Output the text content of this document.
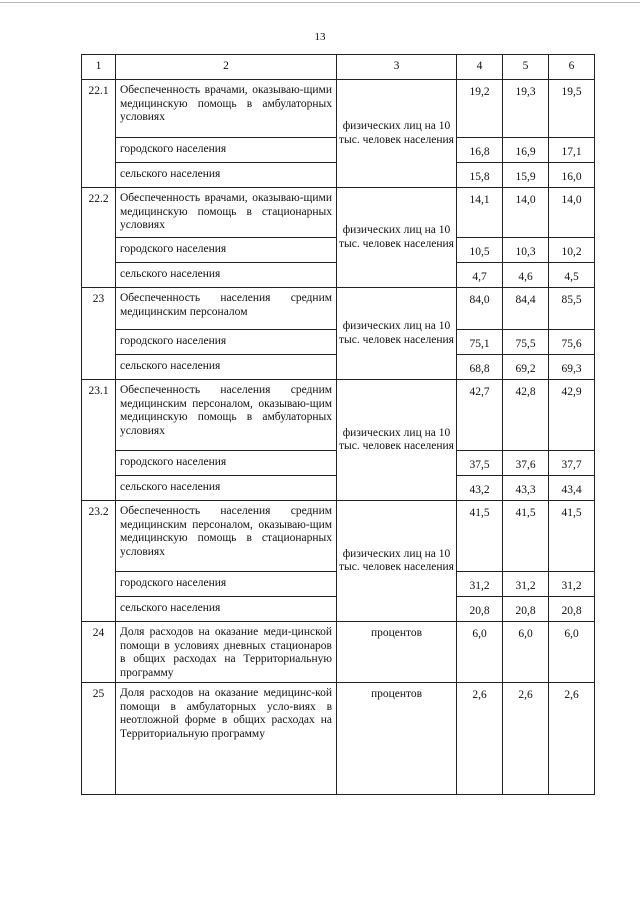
13
1	2	3	4	5	6
22.1	Обеспеченность врачами, оказываю-щими медицинскую помощь в амбулаторных условиях	физических лиц на 10 тыс. человек населения	19,2	19,3	19,5
	городского населения		16,8	16,9	17,1
	сельского населения		15,8	15,9	16,0
22.2	Обеспеченность врачами, оказываю-щими медицинскую помощь в стационарных условиях	физических лиц на 10 тыс. человек населения	14,1	14,0	14,0
	городского населения		10,5	10,3	10,2
	сельского населения		4,7	4,6	4,5
23	Обеспеченность населения средним медицинским персоналом	физических лиц на 10 тыс. человек населения	84,0	84,4	85,5
	городского населения		75,1	75,5	75,6
	сельского населения		68,8	69,2	69,3
23.1	Обеспеченность населения средним медицинским персоналом, оказываю-щим медицинскую помощь в амбулаторных условиях	физических лиц на 10 тыс. человек населения	42,7	42,8	42,9
	городского населения		37,5	37,6	37,7
	сельского населения		43,2	43,3	43,4
23.2	Обеспеченность населения средним медицинским персоналом, оказываю-щим медицинскую помощь в стационарных условиях	физических лиц на 10 тыс. человек населения	41,5	41,5	41,5
	городского населения		31,2	31,2	31,2
	сельского населения		20,8	20,8	20,8
24	Доля расходов на оказание меди-цинской помощи в условиях дневных стационаров в общих расходах на Территориальную программу	процентов	6,0	6,0	6,0
25	Доля расходов на оказание медицинс-кой помощи в амбулаторных усло-виях в неотложной форме в общих расходах на Территориальную программу	процентов	2,6	2,6	2,6
